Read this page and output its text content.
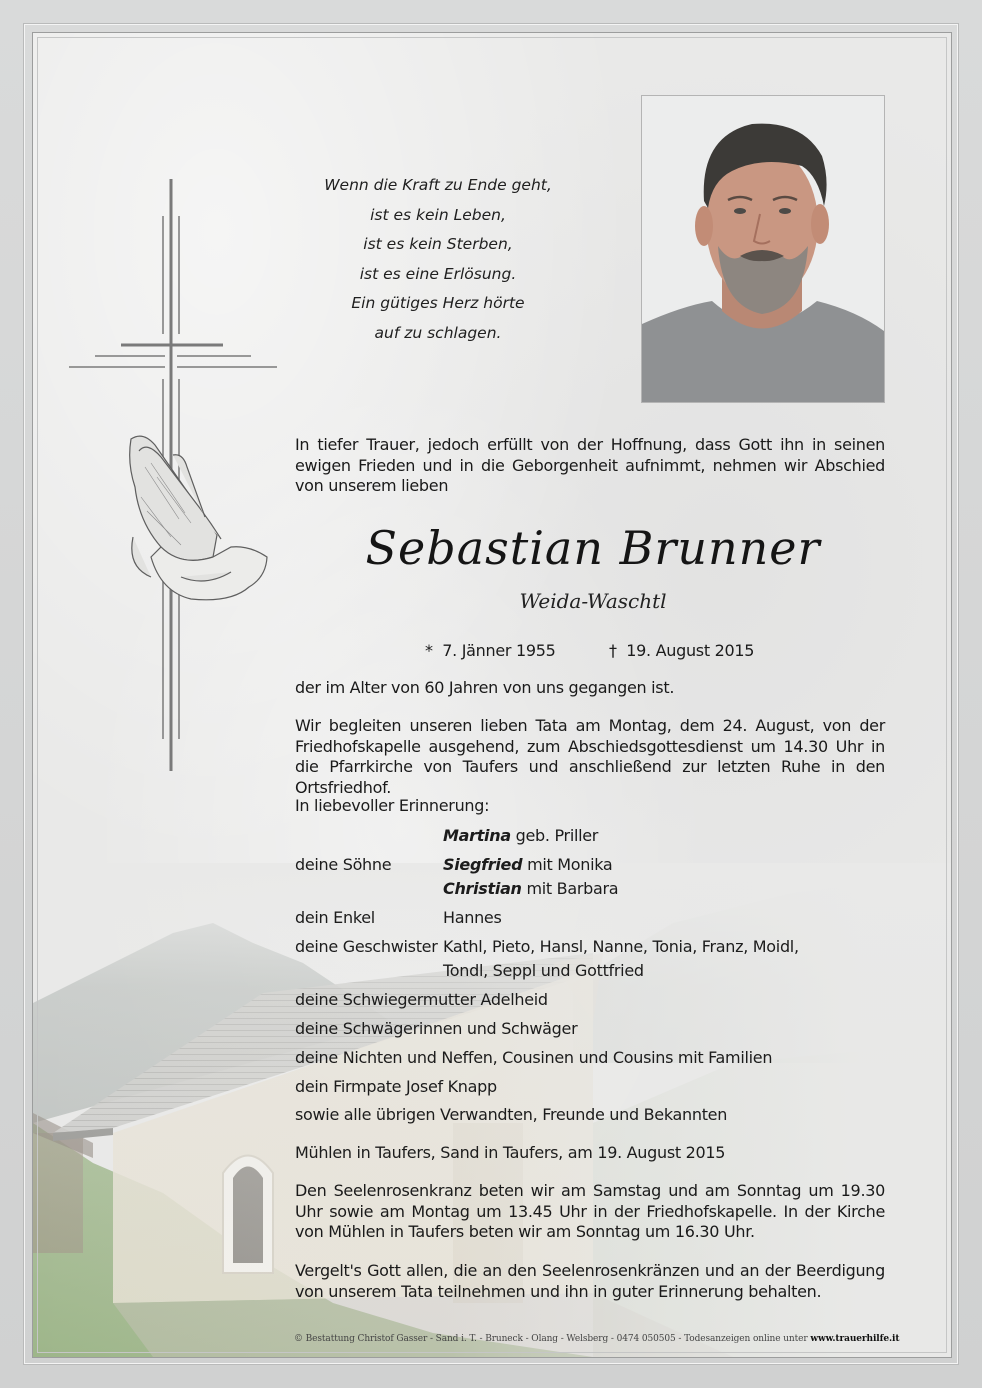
Wenn die Kraft zu Ende geht,
ist es kein Leben,
ist es kein Sterben,
ist es eine Erlösung.
Ein gütiges Herz hörte
auf zu schlagen.
In tiefer Trauer, jedoch erfüllt von der Hoffnung, dass Gott ihn in seinen ewigen Frieden und in die Geborgenheit aufnimmt, nehmen wir Abschied von unserem lieben
Sebastian Brunner
Weida-Waschtl
* 7. Jänner 1955	† 19. August 2015
der im Alter von 60 Jahren von uns gegangen ist.
Wir begleiten unseren lieben Tata am Montag, dem 24. August, von der Friedhofskapelle ausgehend, zum Abschiedsgottesdienst um 14.30 Uhr in die Pfarrkirche von Taufers und anschließend zur letzten Ruhe in den Ortsfriedhof.
In liebevoller Erinnerung:
Martina geb. Priller
deine Söhne	Siegfried mit Monika
Christian mit Barbara
dein Enkel	Hannes
deine Geschwister Kathl, Pieto, Hansl, Nanne, Tonia, Franz, Moidl,
Tondl, Seppl und Gottfried
deine Schwiegermutter Adelheid
deine Schwägerinnen und Schwäger
deine Nichten und Neffen, Cousinen und Cousins mit Familien
dein Firmpate Josef Knapp
sowie alle übrigen Verwandten, Freunde und Bekannten
Mühlen in Taufers, Sand in Taufers, am 19. August 2015
Den Seelenrosenkranz beten wir am Samstag und am Sonntag um 19.30 Uhr sowie am Montag um 13.45 Uhr in der Friedhofskapelle. In der Kirche von Mühlen in Taufers beten wir am Sonntag um 16.30 Uhr.
Vergelt's Gott allen, die an den Seelenrosenkränzen und an der Beerdigung von unserem Tata teilnehmen und ihn in guter Erinnerung behalten.
© Bestattung Christof Gasser - Sand i. T. - Bruneck - Olang - Welsberg - 0474 050505 - Todesanzeigen online unter www.trauerhilfe.it
